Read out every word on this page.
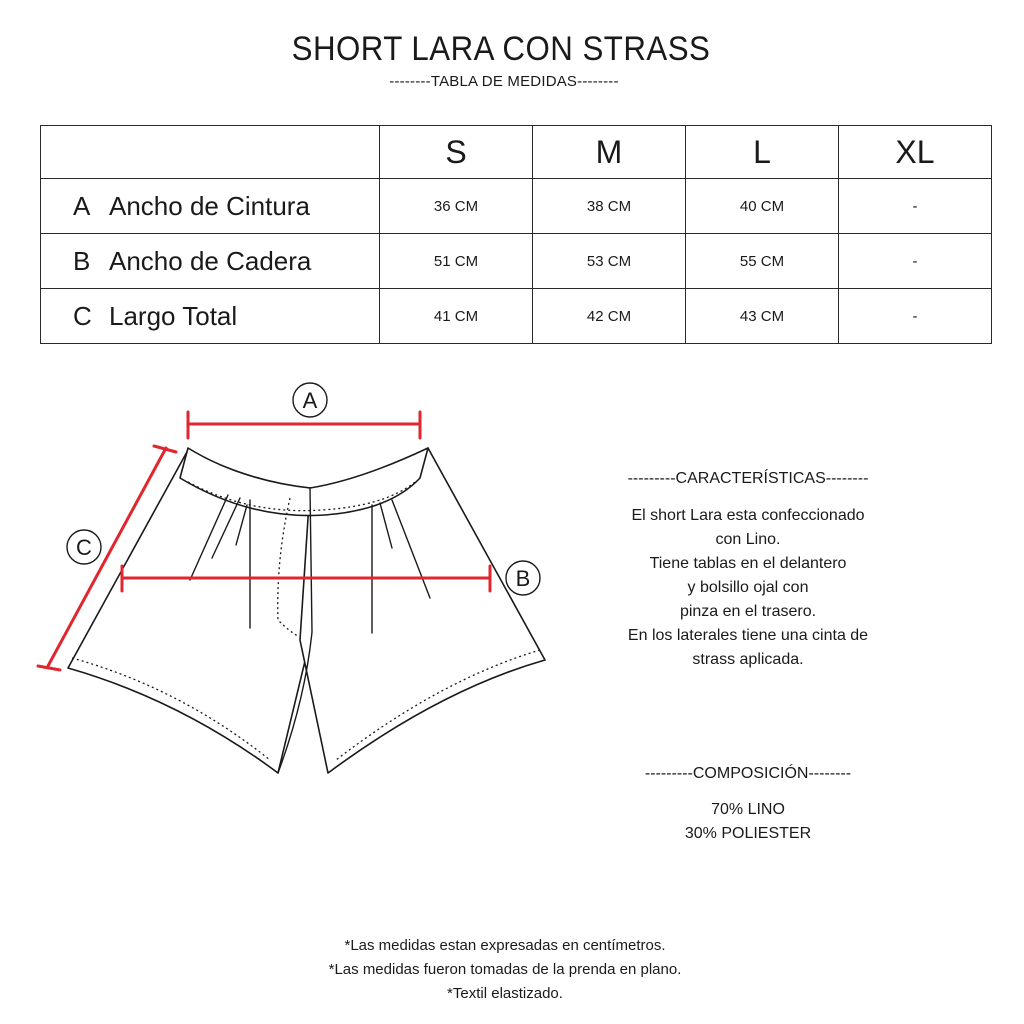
SHORT LARA CON STRASS
--------TABLA DE MEDIDAS--------
	S	M	L	XL
A Ancho de Cintura	36 CM	38 CM	40 CM	-
B Ancho de Cadera	51 CM	53 CM	55 CM	-
C Largo Total	41 CM	42 CM	43 CM	-
A
B
C
---------CARACTERÍSTICAS--------
El short Lara esta confeccionado
con Lino.
Tiene tablas en el delantero
y bolsillo ojal con
pinza en el trasero.
En los laterales tiene una cinta de
strass aplicada.
---------COMPOSICIÓN--------
70% LINO
30% POLIESTER
*Las medidas estan expresadas en centímetros.
*Las medidas fueron tomadas de la prenda en plano.
*Textil elastizado.
